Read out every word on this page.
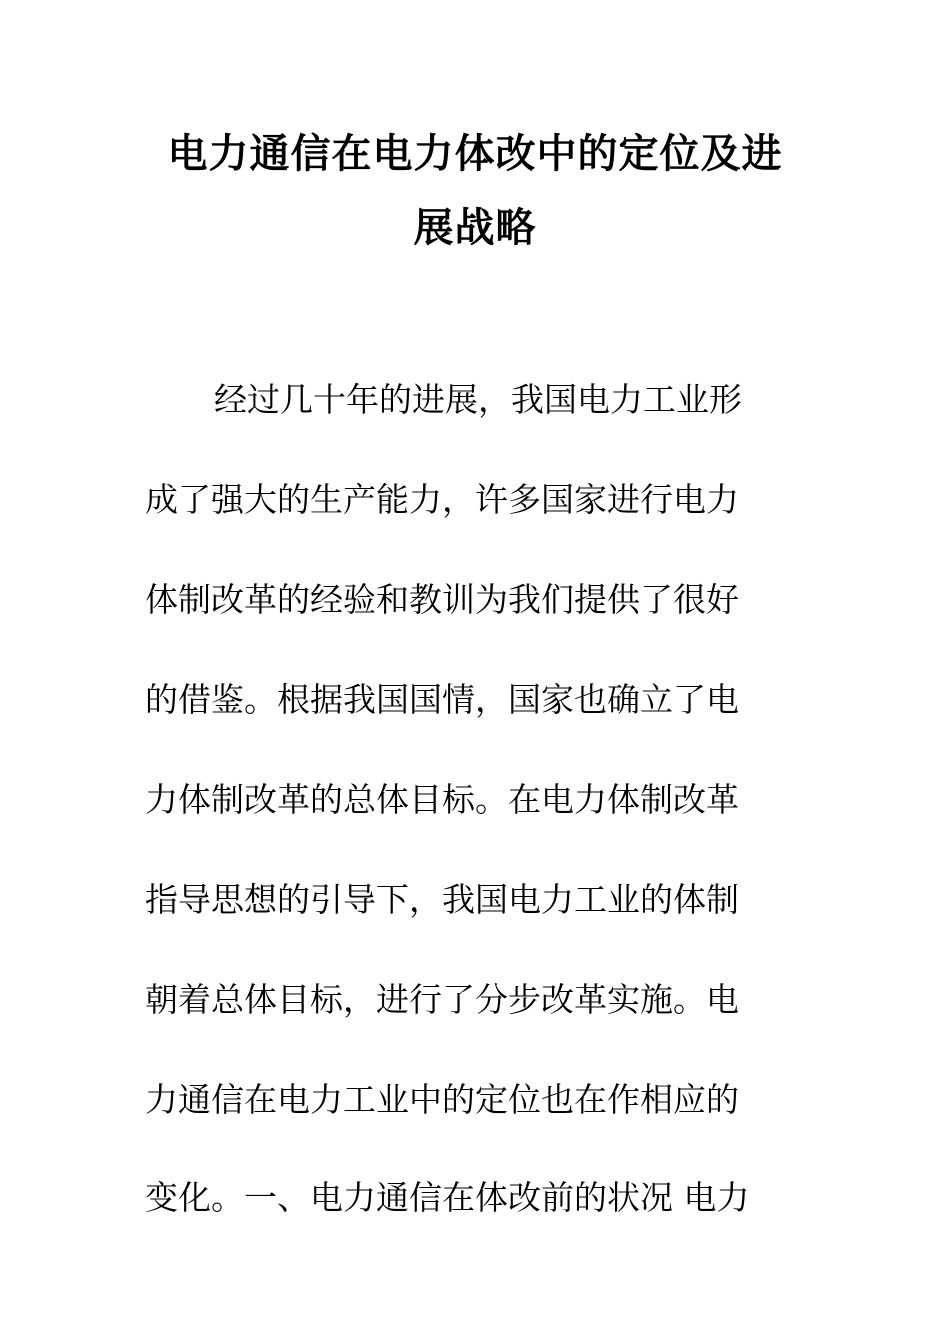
电力通信在电力体改中的定位及进
展战略

经过几十年的进展，我国电力工业形

成了强大的生产能力，许多国家进行电力

体制改革的经验和教训为我们提供了很好

的借鉴。根据我国国情，国家也确立了电

力体制改革的总体目标。在电力体制改革

指导思想的引导下，我国电力工业的体制

朝着总体目标，进行了分步改革实施。电

力通信在电力工业中的定位也在作相应的

变化。一、电力通信在体改前的状况 电力
